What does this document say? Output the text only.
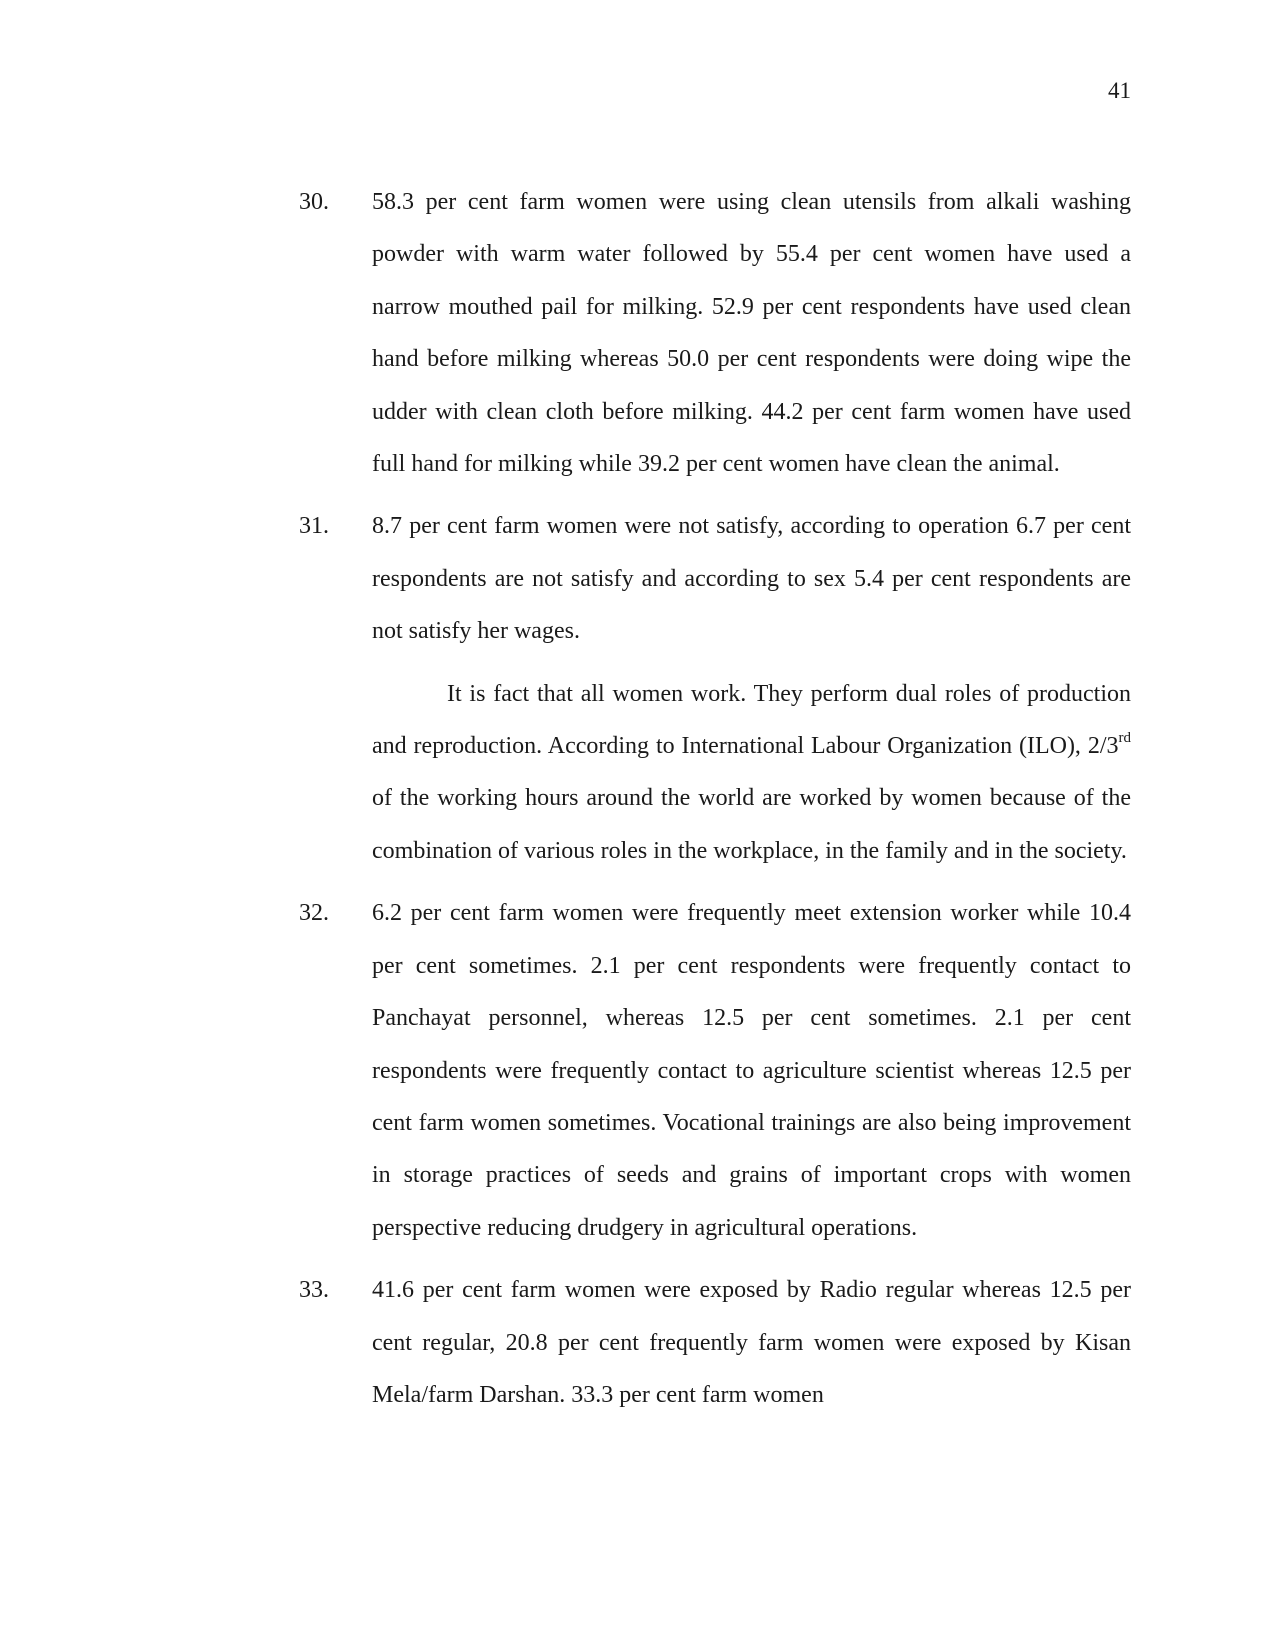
41
30. 58.3 per cent farm women were using clean utensils from alkali washing powder with warm water followed by 55.4 per cent women have used a narrow mouthed pail for milking. 52.9 per cent respondents have used clean hand before milking whereas 50.0 per cent respondents were doing wipe the udder with clean cloth before milking. 44.2 per cent farm women have used full hand for milking while 39.2 per cent women have clean the animal.

31. 8.7 per cent farm women were not satisfy, according to operation 6.7 per cent respondents are not satisfy and according to sex 5.4 per cent respondents are not satisfy her wages.

It is fact that all women work. They perform dual roles of production and reproduction. According to International Labour Organization (ILO), 2/3rd of the working hours around the world are worked by women because of the combination of various roles in the workplace, in the family and in the society.

32. 6.2 per cent farm women were frequently meet extension worker while 10.4 per cent sometimes. 2.1 per cent respondents were frequently contact to Panchayat personnel, whereas 12.5 per cent sometimes. 2.1 per cent respondents were frequently contact to agriculture scientist whereas 12.5 per cent farm women sometimes. Vocational trainings are also being improvement in storage practices of seeds and grains of important crops with women perspective reducing drudgery in agricultural operations.

33. 41.6 per cent farm women were exposed by Radio regular whereas 12.5 per cent regular, 20.8 per cent frequently farm women were exposed by Kisan Mela/farm Darshan. 33.3 per cent farm women
